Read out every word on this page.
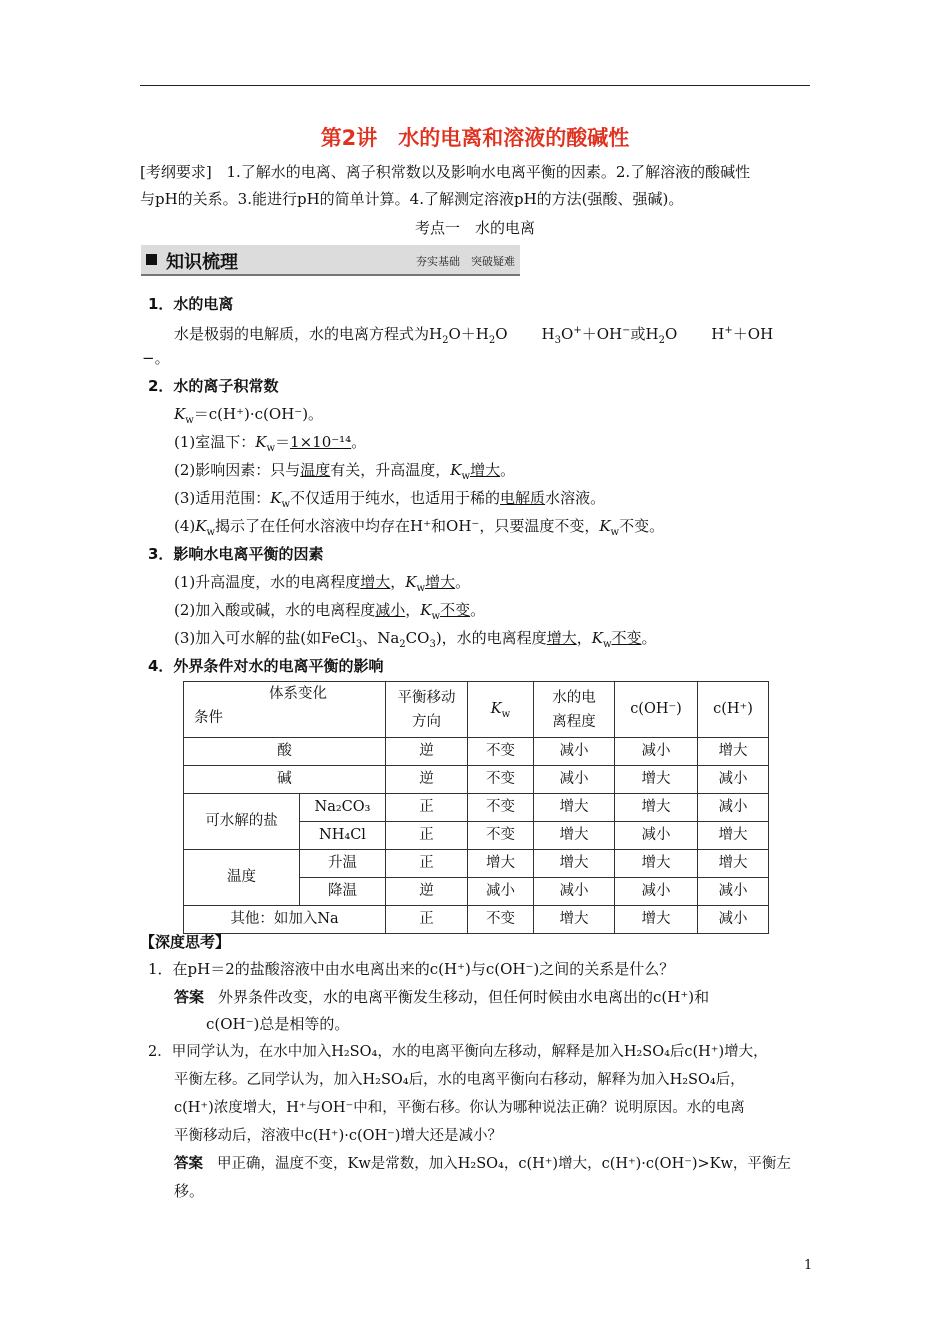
第2讲　水的电离和溶液的酸碱性
[考纲要求] 1.了解水的电离、离子积常数以及影响水电离平衡的因素。2.了解溶液的酸碱性
与pH的关系。3.能进行pH的简单计算。4.了解测定溶液pH的方法(强酸、强碱)。
考点一　水的电离
知识梳理	夯实基础　突破疑难
1．水的电离
水是极弱的电解质，水的电离方程式为$H_2O+H_2O$ $H_3O^++OH^-$或$H_2O$ H+＋OH
−。
2．水的离子积常数
$K_w=c(H^+)\cdot c(OH^-)$。
(1)室温下：$K_w=1\times 10^{-14}$。
(2)影响因素：只与温度有关，升高温度，$K_w$增大。
(3)适用范围：$K_w$不仅适用于纯水，也适用于稀的电解质水溶液。
$(4)K_w$揭示了在任何水溶液中均存在H⁺和OH⁻，只要温度不变，$K_w$不变。
3．影响水电离平衡的因素
(1)升高温度，水的电离程度增大，$K_w$增大。
(2)加入酸或碱，水的电离程度减小，$K_w$不变。
(3)加入可水解的盐(如FeCl$_3$、$Na_2CO_3$)，水的电离程度增大，$K_w$不变。
4．外界条件对水的电离平衡的影响
体系变化
条件		平衡移动方向	$K_w$	水的电离程度	c(OH⁻)	c(H⁺)
酸		逆	不变	减小	减小	增大
碱		逆	不变	减小	增大	减小
可水解的盐	Na₂CO₃	正	不变	增大	增大	减小
	NH₄Cl	正	不变	增大	减小	增大
温度	升温	正	增大	增大	增大	增大
	降温	逆	减小	减小	减小	减小
其他：如加入Na		正	不变	增大	增大	减小
【深度思考】
1．在pH＝2的盐酸溶液中由水电离出来的c(H⁺)与c(OH⁻)之间的关系是什么？
答案 外界条件改变，水的电离平衡发生移动，但任何时候由水电离出的c(H⁺)和
c(OH⁻)总是相等的。
2．甲同学认为，在水中加入H₂SO₄，水的电离平衡向左移动，解释是加入H₂SO₄后c(H⁺)增大，
平衡左移。乙同学认为，加入H₂SO₄后，水的电离平衡向右移动，解释为加入H₂SO₄后，
c(H⁺)浓度增大，H⁺与OH⁻中和，平衡右移。你认为哪种说法正确？说明原因。水的电离
平衡移动后，溶液中c(H⁺)·c(OH⁻)增大还是减小？
答案 甲正确，温度不变，Kw是常数，加入H₂SO₄，c(H⁺)增大，c(H⁺)·c(OH⁻)>Kw，平衡左
移。
1
